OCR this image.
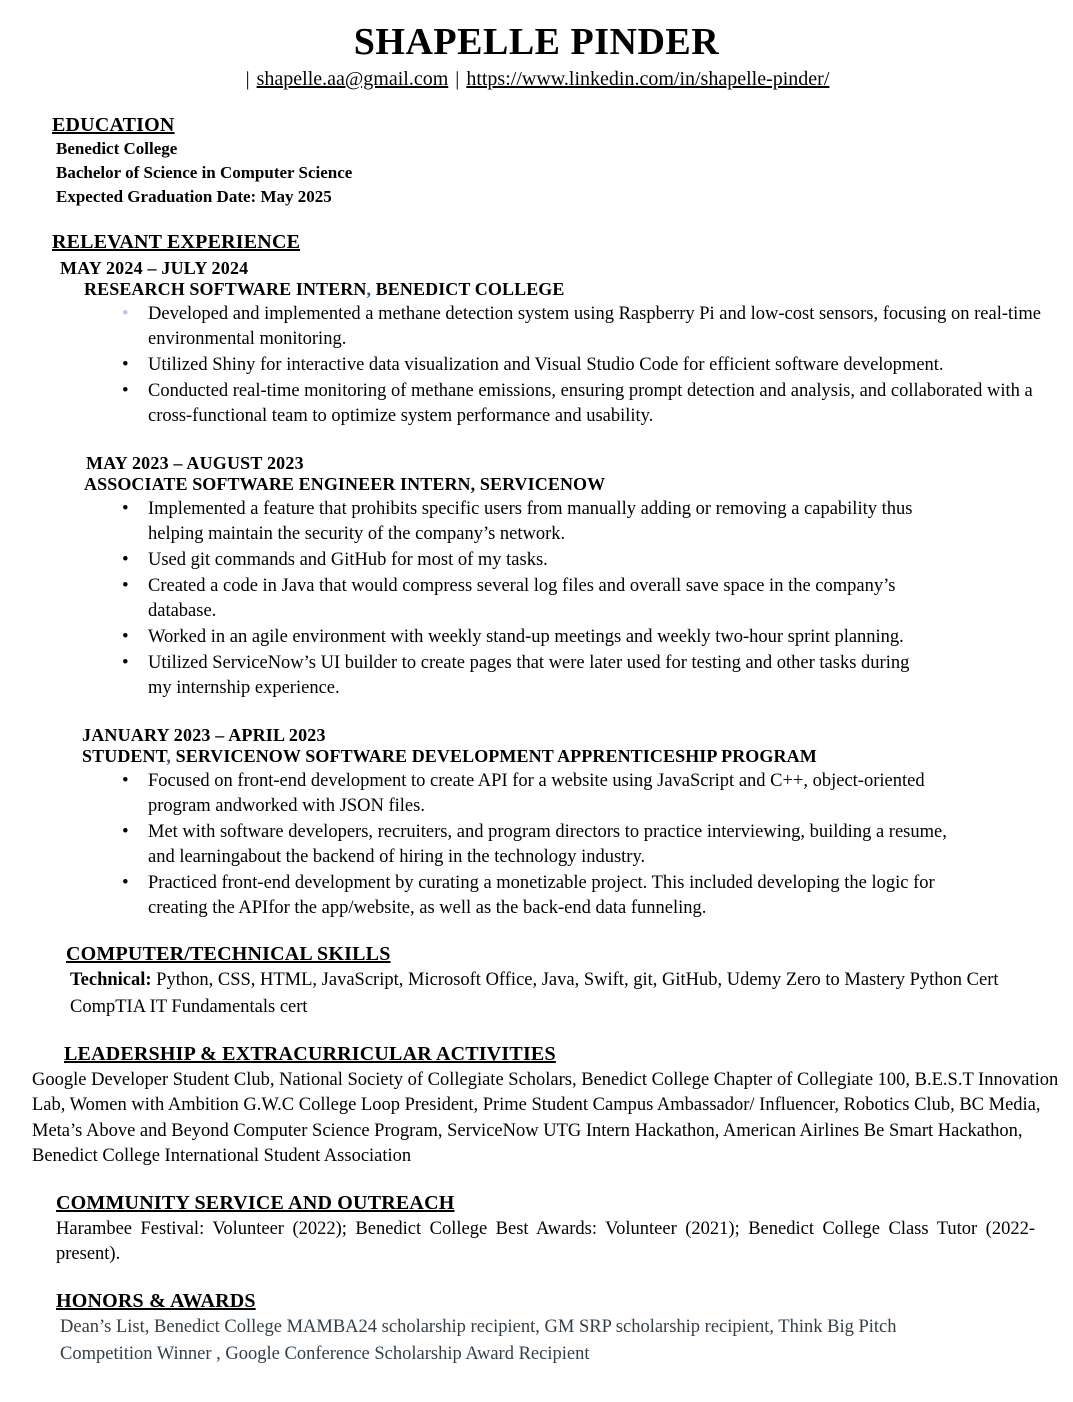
SHAPELLE PINDER
| shapelle.aa@gmail.com | https://www.linkedin.com/in/shapelle-pinder/
EDUCATION
Benedict College
Bachelor of Science in Computer Science
Expected Graduation Date: May 2025
RELEVANT EXPERIENCE
MAY 2024 – JULY 2024
RESEARCH SOFTWARE INTERN, BENEDICT COLLEGE
• Developed and implemented a methane detection system using Raspberry Pi and low-cost sensors, focusing on real-time environmental monitoring.
• Utilized Shiny for interactive data visualization and Visual Studio Code for efficient software development.
• Conducted real-time monitoring of methane emissions, ensuring prompt detection and analysis, and collaborated with a cross-functional team to optimize system performance and usability.
MAY 2023 – AUGUST 2023
ASSOCIATE SOFTWARE ENGINEER INTERN, SERVICENOW
• Implemented a feature that prohibits specific users from manually adding or removing a capability thus helping maintain the security of the company’s network.
• Used git commands and GitHub for most of my tasks.
• Created a code in Java that would compress several log files and overall save space in the company’s database.
• Worked in an agile environment with weekly stand-up meetings and weekly two-hour sprint planning.
• Utilized ServiceNow’s UI builder to create pages that were later used for testing and other tasks during my internship experience.
JANUARY 2023 – APRIL 2023
STUDENT, SERVICENOW SOFTWARE DEVELOPMENT APPRENTICESHIP PROGRAM
• Focused on front-end development to create API for a website using JavaScript and C++, object-oriented program andworked with JSON files.
• Met with software developers, recruiters, and program directors to practice interviewing, building a resume, and learningabout the backend of hiring in the technology industry.
• Practiced front-end development by curating a monetizable project. This included developing the logic for creating the APIfor the app/website, as well as the back-end data funneling.
COMPUTER/TECHNICAL SKILLS
Technical: Python, CSS, HTML, JavaScript, Microsoft Office, Java, Swift, git, GitHub, Udemy Zero to Mastery Python Cert
CompTIA IT Fundamentals cert
LEADERSHIP & EXTRACURRICULAR ACTIVITIES
Google Developer Student Club, National Society of Collegiate Scholars, Benedict College Chapter of Collegiate 100, B.E.S.T Innovation Lab, Women with Ambition G.W.C College Loop President, Prime Student Campus Ambassador/ Influencer, Robotics Club, BC Media, Meta’s Above and Beyond Computer Science Program, ServiceNow UTG Intern Hackathon, American Airlines Be Smart Hackathon, Benedict College International Student Association
COMMUNITY SERVICE AND OUTREACH
Harambee Festival: Volunteer (2022); Benedict College Best Awards: Volunteer (2021); Benedict College Class Tutor (2022-present).
HONORS & AWARDS
Dean’s List, Benedict College MAMBA24 scholarship recipient, GM SRP scholarship recipient, Think Big Pitch
Competition Winner , Google Conference Scholarship Award Recipient
